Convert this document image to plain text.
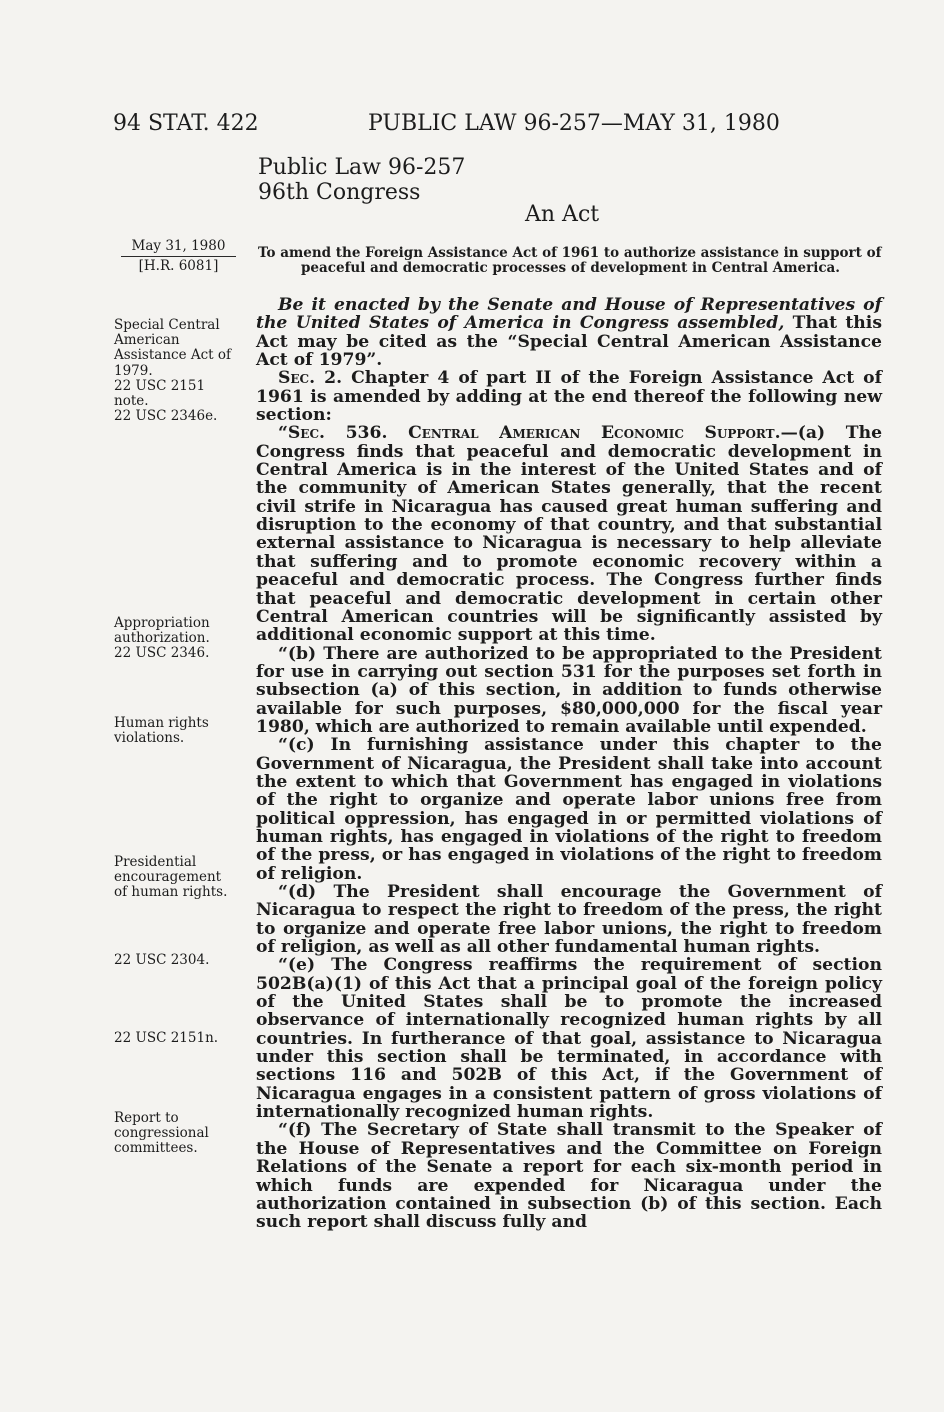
94 STAT. 422	PUBLIC LAW 96-257—MAY 31, 1980
Public Law 96-257
96th Congress
An Act
May 31, 1980
[H.R. 6081]
To amend the Foreign Assistance Act of 1961 to authorize assistance in support of
peaceful and democratic processes of development in Central America.

Be it enacted by the Senate and House of Representatives of the United States of America in Congress assembled, That this Act may be cited as the “Special Central American Assistance Act of 1979”.

Sec. 2. Chapter 4 of part II of the Foreign Assistance Act of 1961 is amended by adding at the end thereof the following new section:

“Sec. 536. Central American Economic Support.—(a) The Congress finds that peaceful and democratic development in Central America is in the interest of the United States and of the community of American States generally, that the recent civil strife in Nicaragua has caused great human suffering and disruption to the economy of that country, and that substantial external assistance to Nicaragua is necessary to help alleviate that suffering and to promote economic recovery within a peaceful and democratic process. The Congress further finds that peaceful and democratic development in certain other Central American countries will be significantly assisted by additional economic support at this time.

“(b) There are authorized to be appropriated to the President for use in carrying out section 531 for the purposes set forth in subsection (a) of this section, in addition to funds otherwise available for such purposes, $80,000,000 for the fiscal year 1980, which are authorized to remain available until expended.

“(c) In furnishing assistance under this chapter to the Government of Nicaragua, the President shall take into account the extent to which that Government has engaged in violations of the right to organize and operate labor unions free from political oppression, has engaged in or permitted violations of human rights, has engaged in violations of the right to freedom of the press, or has engaged in violations of the right to freedom of religion.

“(d) The President shall encourage the Government of Nicaragua to respect the right to freedom of the press, the right to organize and operate free labor unions, the right to freedom of religion, as well as all other fundamental human rights.

“(e) The Congress reaffirms the requirement of section 502B(a)(1) of this Act that a principal goal of the foreign policy of the United States shall be to promote the increased observance of internationally recognized human rights by all countries. In furtherance of that goal, assistance to Nicaragua under this section shall be terminated, in accordance with sections 116 and 502B of this Act, if the Government of Nicaragua engages in a consistent pattern of gross violations of internationally recognized human rights.

“(f) The Secretary of State shall transmit to the Speaker of the House of Representatives and the Committee on Foreign Relations of the Senate a report for each six-month period in which funds are expended for Nicaragua under the authorization contained in subsection (b) of this section. Each such report shall discuss fully and

Special Central
American
Assistance Act of
1979.
22 USC 2151
note.
22 USC 2346e.
Appropriation
authorization.
22 USC 2346.
Human rights
violations.
Presidential
encouragement
of human rights.
22 USC 2304.
22 USC 2151n.
Report to
congressional
committees.
